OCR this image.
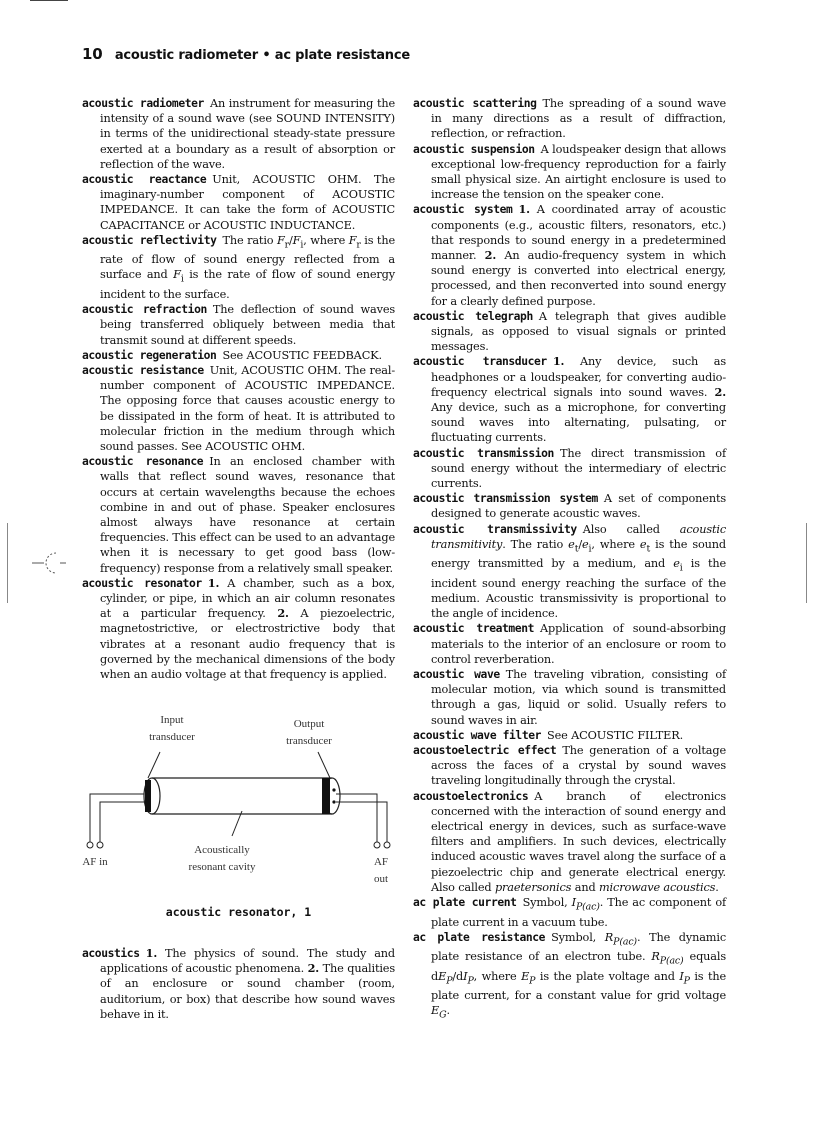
10 acoustic radiometer • ac plate resistance

acoustic radiometer An instrument for measuring the intensity of a sound wave (see SOUND INTENSITY) in terms of the unidirectional steady-state pressure exerted at a boundary as a result of absorption or reflection of the wave.

acoustic reactance Unit, ACOUSTIC OHM. The imaginary-number component of ACOUSTIC IMPEDANCE. It can take the form of ACOUSTIC CAPACITANCE or ACOUSTIC INDUCTANCE.

acoustic reflectivity The ratio $F_r/F_i$, where $F_r$ is the rate of flow of sound energy reflected from a surface and $F_i$ is the rate of flow of sound energy incident to the surface.

acoustic refraction The deflection of sound waves being transferred obliquely between media that transmit sound at different speeds.

acoustic regeneration See ACOUSTIC FEEDBACK.

acoustic resistance Unit, ACOUSTIC OHM. The real-number component of ACOUSTIC IMPEDANCE. The opposing force that causes acoustic energy to be dissipated in the form of heat. It is attributed to molecular friction in the medium through which sound passes. See ACOUSTIC OHM.

acoustic resonance In an enclosed chamber with walls that reflect sound waves, resonance that occurs at certain wavelengths because the echoes combine in and out of phase. Speaker enclosures almost always have resonance at certain frequencies. This effect can be used to an advantage when it is necessary to get good bass (low-frequency) response from a relatively small speaker.

acoustic resonator 1. A chamber, such as a box, cylinder, or pipe, in which an air column resonates at a particular frequency. 2. A piezoelectric, magnetostrictive, or electrostrictive body that vibrates at a resonant audio frequency that is governed by the mechanical dimensions of the body when an audio voltage at that frequency is applied.

Input transducer
Output transducer
Acoustically resonant cavity
AF in	AF out
acoustic resonator, 1

acoustics 1. The physics of sound. The study and applications of acoustic phenomena. 2. The qualities of an enclosure or sound chamber (room, auditorium, or box) that describe how sound waves behave in it.

acoustic scattering The spreading of a sound wave in many directions as a result of diffraction, reflection, or refraction.

acoustic suspension A loudspeaker design that allows exceptional low-frequency reproduction for a fairly small physical size. An airtight enclosure is used to increase the tension on the speaker cone.

acoustic system 1. A coordinated array of acoustic components (e.g., acoustic filters, resonators, etc.) that responds to sound energy in a predetermined manner. 2. An audio-frequency system in which sound energy is converted into electrical energy, processed, and then reconverted into sound energy for a clearly defined purpose.

acoustic telegraph A telegraph that gives audible signals, as opposed to visual signals or printed messages.

acoustic transducer 1. Any device, such as headphones or a loudspeaker, for converting audio-frequency electrical signals into sound waves. 2. Any device, such as a microphone, for converting sound waves into alternating, pulsating, or fluctuating currents.

acoustic transmission The direct transmission of sound energy without the intermediary of electric currents.

acoustic transmission system A set of components designed to generate acoustic waves.

acoustic transmissivity Also called acoustic transmitivity. The ratio $e_t/e_i$, where $e_t$ is the sound energy transmitted by a medium, and $e_i$ is the incident sound energy reaching the surface of the medium. Acoustic transmissivity is proportional to the angle of incidence.

acoustic treatment Application of sound-absorbing materials to the interior of an enclosure or room to control reverberation.

acoustic wave The traveling vibration, consisting of molecular motion, via which sound is transmitted through a gas, liquid or solid. Usually refers to sound waves in air.

acoustic wave filter See ACOUSTIC FILTER.

acoustoelectric effect The generation of a voltage across the faces of a crystal by sound waves traveling longitudinally through the crystal.

acoustoelectronics A branch of electronics concerned with the interaction of sound energy and electrical energy in devices, such as surface-wave filters and amplifiers. In such devices, electrically induced acoustic waves travel along the surface of a piezoelectric chip and generate electrical energy. Also called praetersonics and microwave acoustics.

ac plate current Symbol, $I_{P(ac)}$. The ac component of plate current in a vacuum tube.

ac plate resistance Symbol, $R_{P(ac)}$. The dynamic plate resistance of an electron tube. $R_{P(ac)}$ equals $dE_P/dI_P$, where $E_P$ is the plate voltage and $I_P$ is the plate current, for a constant value for grid voltage $E_G$.
